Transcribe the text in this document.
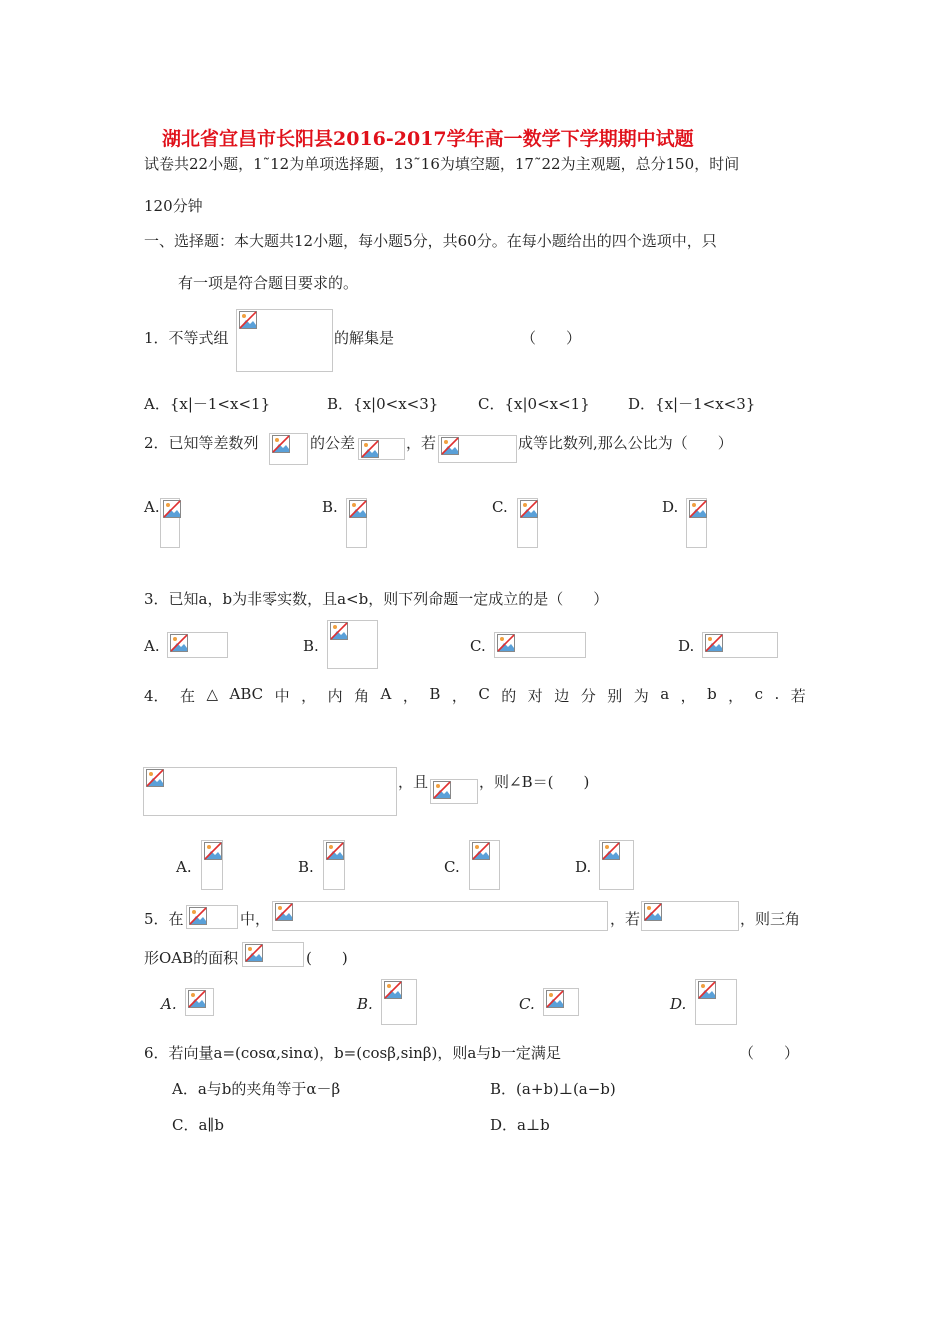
湖北省宜昌市长阳县2016-2017学年高一数学下学期期中试题
试卷共22小题，1˜12为单项选择题，13˜16为填空题，17˜22为主观题，总分150，时间
120分钟
一、选择题：本大题共12小题，每小题5分，共60分。在每小题给出的四个选项中，只
有一项是符合题目要求的。
1．不等式组	的解集是	（　　）
A．{x|－1<x<1}	B．{x|0<x<3}	C．{x|0<x<1}	D．{x|－1<x<3}
2．已知等差数列	的公差	，若	成等比数列,那么公比为（　　）
A.	B.	C.	D.
3．已知a，b为非零实数，且a<b，则下列命题一定成立的是（　　）
A.	B.	C.	D.
4． 在 △ ABC 中 ， 内 角 A ， B ， C 的 对 边 分 别 为 a ， b ， c . 若
，且	，则∠B＝(　　)
A.	B.	C.	D.
5．在	中，	，若	，则三角
形OAB的面积	(　　)
A.	B.	C.	D.
6．若向量a=(cosα,sinα)，b=(cosβ,sinβ)，则a与b一定满足	（　　）
A．a与b的夹角等于α－β	B．(a+b)⊥(a−b)
C．a∥b	D．a⊥b
